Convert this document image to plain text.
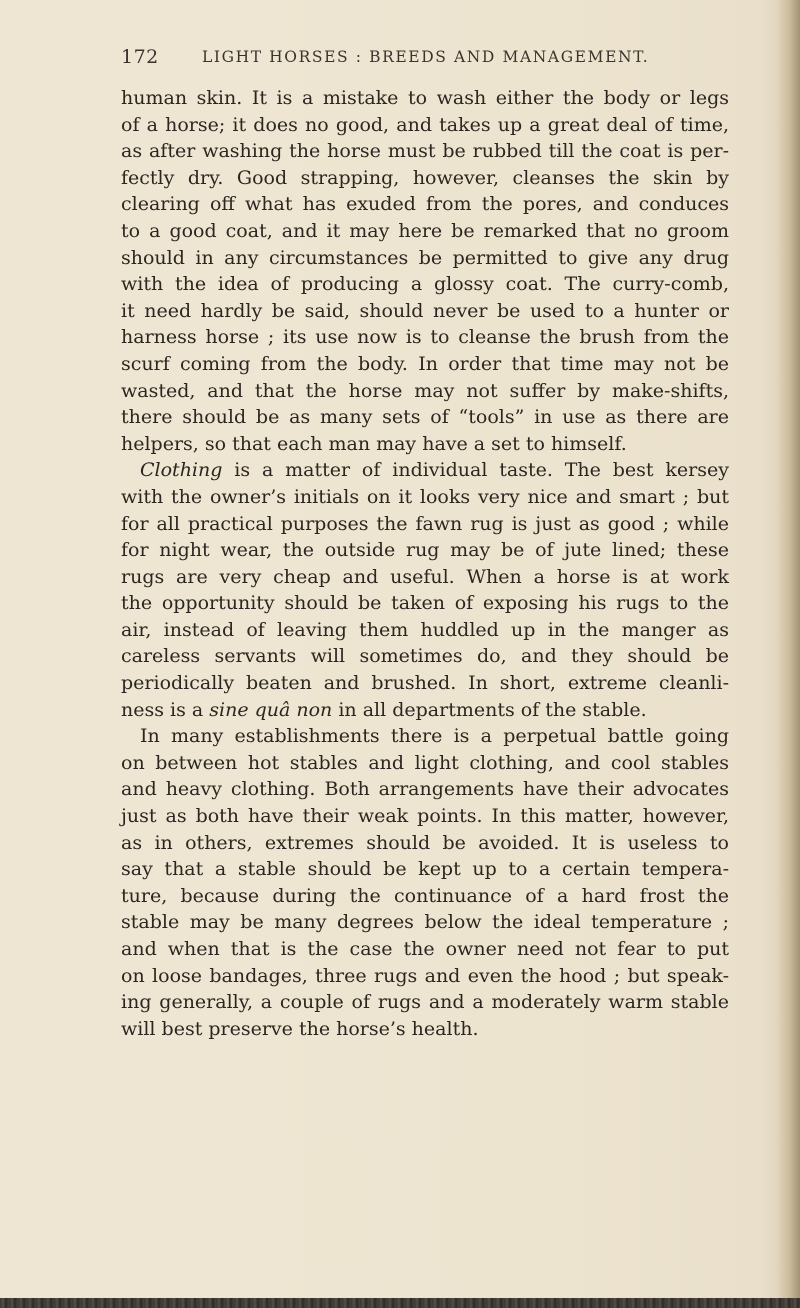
172	LIGHT HORSES : BREEDS AND MANAGEMENT.
human skin. It is a mistake to wash either the body or legs
of a horse; it does no good, and takes up a great deal of time,
as after washing the horse must be rubbed till the coat is per-
fectly dry. Good strapping, however, cleanses the skin by
clearing off what has exuded from the pores, and conduces
to a good coat, and it may here be remarked that no groom
should in any circumstances be permitted to give any drug
with the idea of producing a glossy coat. The curry-comb,
it need hardly be said, should never be used to a hunter or
harness horse ; its use now is to cleanse the brush from the
scurf coming from the body. In order that time may not be
wasted, and that the horse may not suffer by make-shifts,
there should be as many sets of “tools” in use as there are
helpers, so that each man may have a set to himself.
Clothing is a matter of individual taste. The best kersey
with the owner’s initials on it looks very nice and smart ; but
for all practical purposes the fawn rug is just as good ; while
for night wear, the outside rug may be of jute lined; these
rugs are very cheap and useful. When a horse is at work
the opportunity should be taken of exposing his rugs to the
air, instead of leaving them huddled up in the manger as
careless servants will sometimes do, and they should be
periodically beaten and brushed. In short, extreme cleanli-
ness is a sine quâ non in all departments of the stable.
In many establishments there is a perpetual battle going
on between hot stables and light clothing, and cool stables
and heavy clothing. Both arrangements have their advocates
just as both have their weak points. In this matter, however,
as in others, extremes should be avoided. It is useless to
say that a stable should be kept up to a certain tempera-
ture, because during the continuance of a hard frost the
stable may be many degrees below the ideal temperature ;
and when that is the case the owner need not fear to put
on loose bandages, three rugs and even the hood ; but speak-
ing generally, a couple of rugs and a moderately warm stable
will best preserve the horse’s health.
